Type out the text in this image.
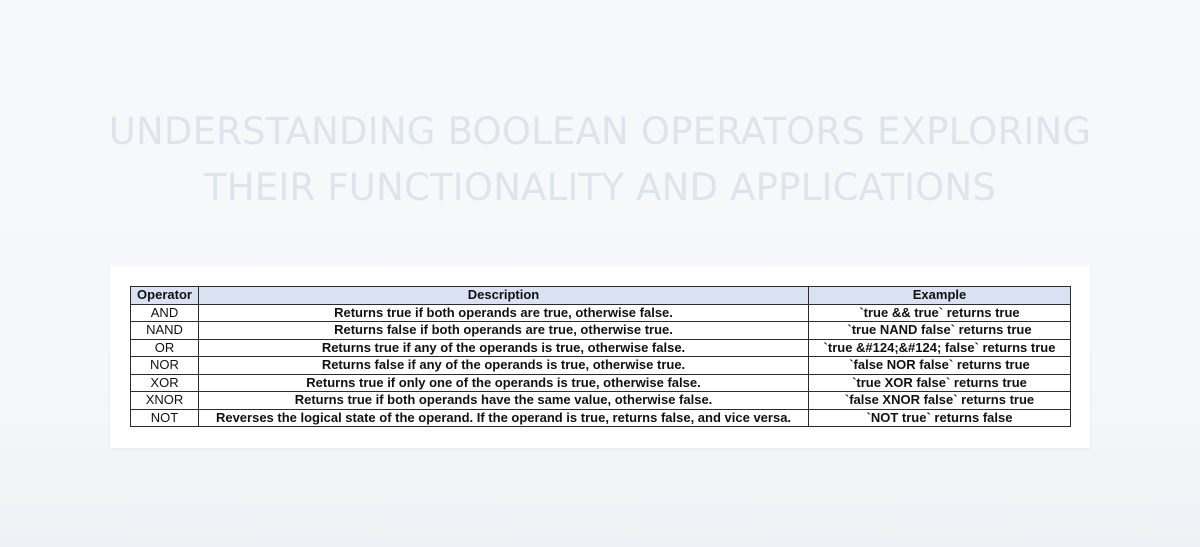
UNDERSTANDING BOOLEAN OPERATORS EXPLORING
THEIR FUNCTIONALITY AND APPLICATIONS
Operator	Description	Example
AND	Returns true if both operands are true, otherwise false.	`true && true` returns true
NAND	Returns false if both operands are true, otherwise true.	`true NAND false` returns true
OR	Returns true if any of the operands is true, otherwise false.	`true &#124;&#124; false` returns true
NOR	Returns false if any of the operands is true, otherwise true.	`false NOR false` returns true
XOR	Returns true if only one of the operands is true, otherwise false.	`true XOR false` returns true
XNOR	Returns true if both operands have the same value, otherwise false.	`false XNOR false` returns true
NOT	Reverses the logical state of the operand. If the operand is true, returns false, and vice versa.	`NOT true` returns false
